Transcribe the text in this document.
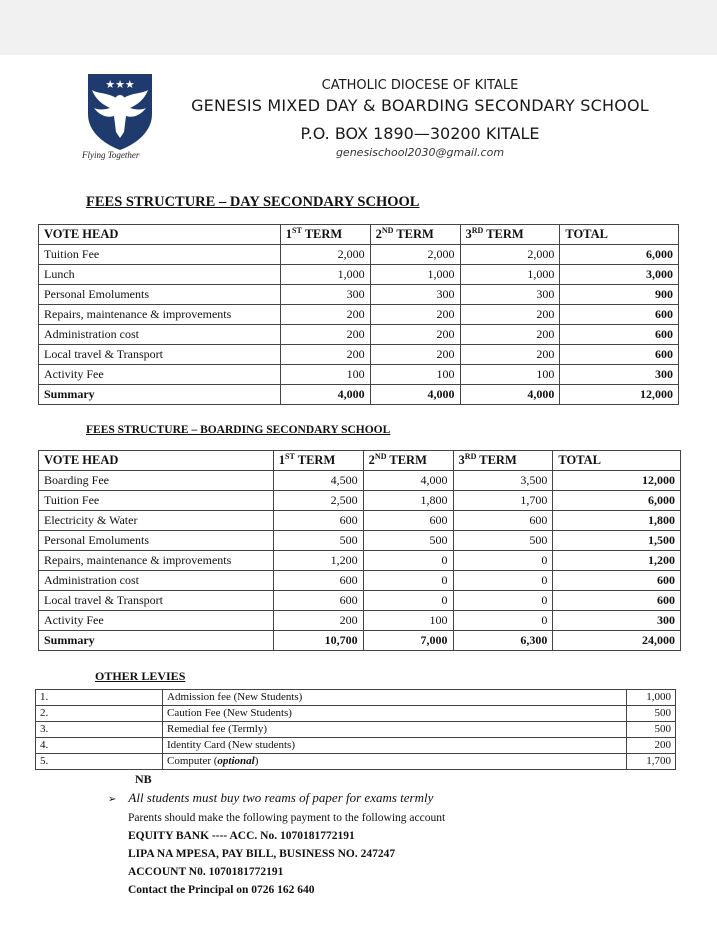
★★★
Flying Together
CATHOLIC DIOCESE OF KITALE
GENESIS MIXED DAY & BOARDING SECONDARY SCHOOL
P.O. BOX 1890—30200 KITALE
genesischool2030@gmail.com
FEES STRUCTURE – DAY SECONDARY SCHOOL
VOTE HEAD	1ST TERM	2ND TERM	3RD TERM	TOTAL
Tuition Fee	2,000	2,000	2,000	6,000
Lunch	1,000	1,000	1,000	3,000
Personal Emoluments	300	300	300	900
Repairs, maintenance & improvements	200	200	200	600
Administration cost	200	200	200	600
Local travel & Transport	200	200	200	600
Activity Fee	100	100	100	300
Summary	4,000	4,000	4,000	12,000
FEES STRUCTURE – BOARDING SECONDARY SCHOOL
VOTE HEAD	1ST TERM	2ND TERM	3RD TERM	TOTAL
Boarding Fee	4,500	4,000	3,500	12,000
Tuition Fee	2,500	1,800	1,700	6,000
Electricity & Water	600	600	600	1,800
Personal Emoluments	500	500	500	1,500
Repairs, maintenance & improvements	1,200	0	0	1,200
Administration cost	600	0	0	600
Local travel & Transport	600	0	0	600
Activity Fee	200	100	0	300
Summary	10,700	7,000	6,300	24,000
OTHER LEVIES
1.	Admission fee (New Students)	1,000
2.	Caution Fee (New Students)	500
3.	Remedial fee (Termly)	500
4.	Identity Card (New students)	200
5.	Computer (optional)	1,700
NB
➢ All students must buy two reams of paper for exams termly
Parents should make the following payment to the following account
EQUITY BANK ---- ACC. No. 1070181772191
LIPA NA MPESA, PAY BILL, BUSINESS NO. 247247
ACCOUNT N0. 1070181772191
Contact the Principal on 0726 162 640
